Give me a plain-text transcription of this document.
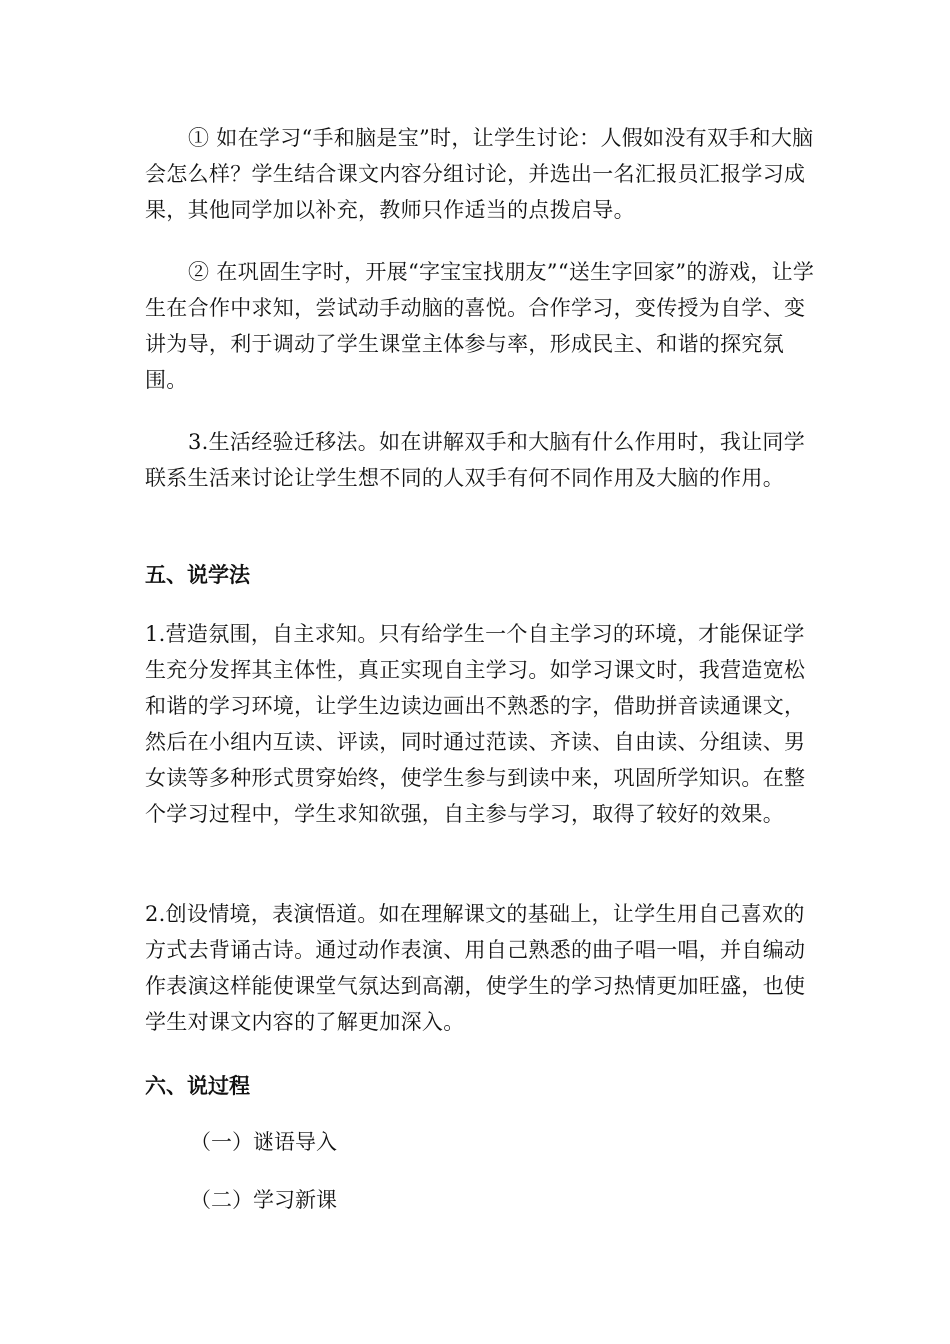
① 如在学习“手和脑是宝”时，让学生讨论：人假如没有双手和大脑会怎么样？学生结合课文内容分组讨论，并选出一名汇报员汇报学习成果，其他同学加以补充，教师只作适当的点拨启导。

② 在巩固生字时，开展“字宝宝找朋友”“送生字回家”的游戏，让学生在合作中求知，尝试动手动脑的喜悦。合作学习，变传授为自学、变讲为导，利于调动了学生课堂主体参与率，形成民主、和谐的探究氛围。

3.生活经验迁移法。如在讲解双手和大脑有什么作用时，我让同学联系生活来讨论让学生想不同的人双手有何不同作用及大脑的作用。

五、说学法

1.营造氛围，自主求知。只有给学生一个自主学习的环境，才能保证学生充分发挥其主体性，真正实现自主学习。如学习课文时，我营造宽松和谐的学习环境，让学生边读边画出不熟悉的字，借助拼音读通课文，然后在小组内互读、评读，同时通过范读、齐读、自由读、分组读、男女读等多种形式贯穿始终，使学生参与到读中来，巩固所学知识。在整个学习过程中，学生求知欲强，自主参与学习，取得了较好的效果。

2.创设情境，表演悟道。如在理解课文的基础上，让学生用自己喜欢的方式去背诵古诗。通过动作表演、用自己熟悉的曲子唱一唱，并自编动作表演这样能使课堂气氛达到高潮，使学生的学习热情更加旺盛，也使学生对课文内容的了解更加深入。

六、说过程

（一）谜语导入

（二）学习新课
